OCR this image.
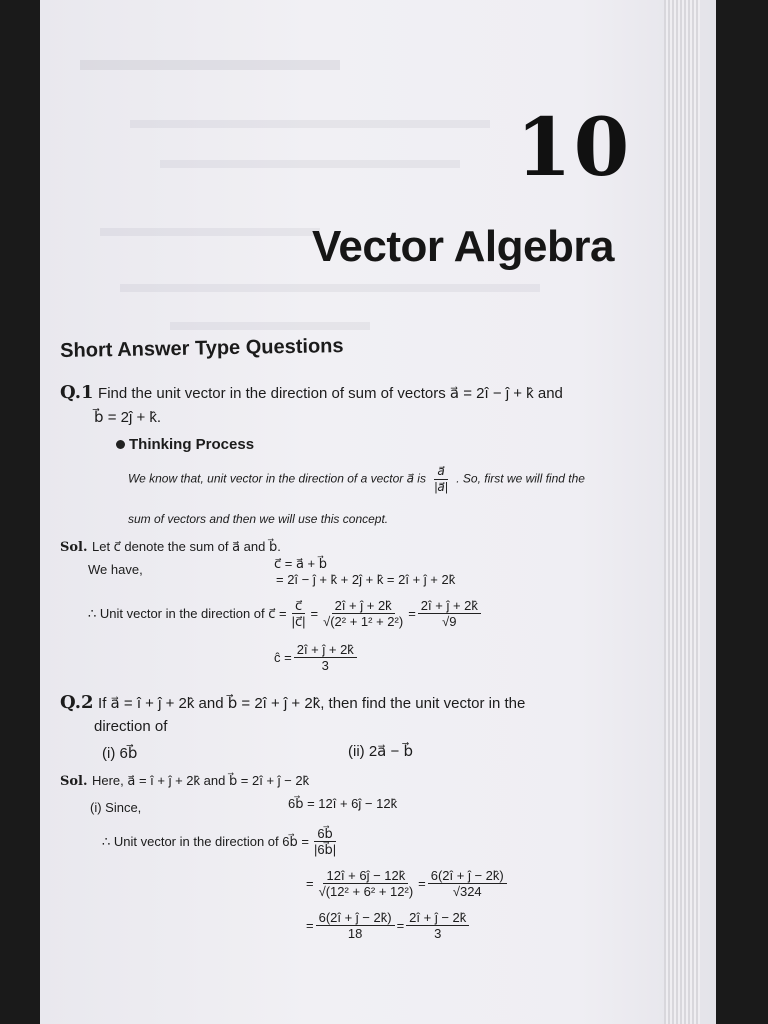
10
Vector Algebra
Short Answer Type Questions
Q.1 Find the unit vector in the direction of sum of vectors a⃗ = 2î − ĵ + k̂ and
b⃗ = 2ĵ + k̂.
Thinking Process
We know that, unit vector in the direction of a vector a⃗ is $\frac{a⃗}{|a⃗|}$ . So, first we will find the
sum of vectors and then we will use this concept.
Sol. Let c⃗ denote the sum of a⃗ and b⃗.
We have,	c⃗ = a⃗ + b⃗
= 2î − ĵ + k̂ + 2ĵ + k̂ = 2î + ĵ + 2k̂
∴ Unit vector in the direction of c⃗ = $\frac{c⃗}{|c⃗|} = \frac{2î + ĵ + 2k̂}{\text{√(2² + 1² + 2²)}} = \frac{2î + ĵ + 2k̂}{√9}$
ĉ = $\frac{2î + ĵ + 2k̂}{3}$
Q.2 If a⃗ = î + ĵ + 2k̂ and b⃗ = 2î + ĵ + 2k̂, then find the unit vector in the
direction of
(i) 6b⃗	(ii) 2a⃗ − b⃗
Sol. Here, a⃗ = î + ĵ + 2k̂ and b⃗ = 2î + ĵ − 2k̂
(i) Since,	6b⃗ = 12î + 6ĵ − 12k̂
∴ Unit vector in the direction of 6b⃗ = $\frac{6b⃗}{|6b⃗|}$
= $\frac{12î + 6ĵ - 12k̂}{\text{√(12² + 6² + 12²)}} = \frac{6(2î + ĵ - 2k̂)}{√324}$
= $\frac{6(2î + ĵ - 2k̂)}{18} = \frac{2î + ĵ - 2k̂}{3}$
